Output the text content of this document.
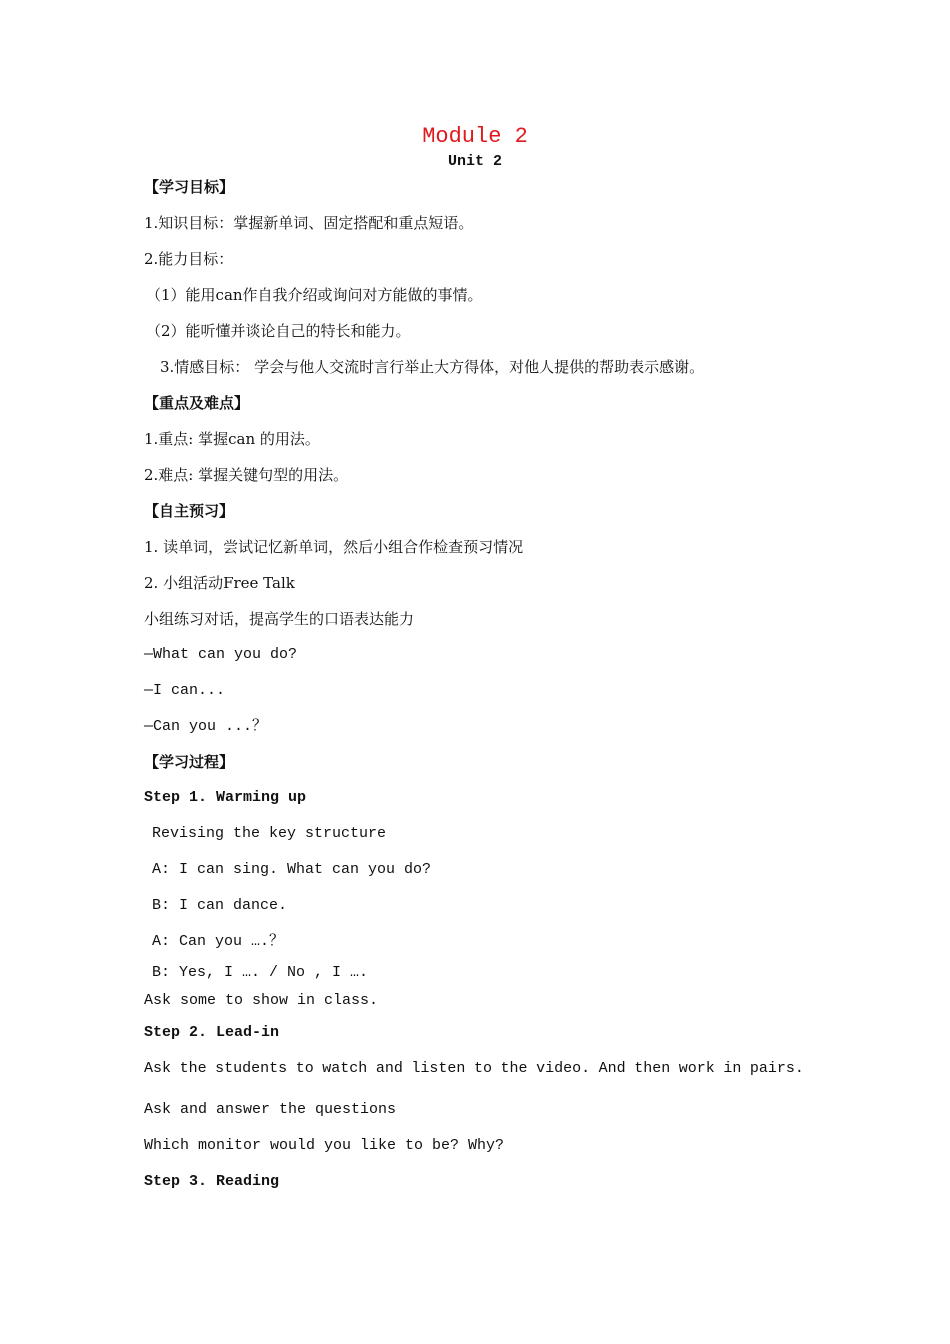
Module 2
Unit 2

【学习目标】

1.知识目标：掌握新单词、固定搭配和重点短语。

2.能力目标：

（1）能用can作自我介绍或询问对方能做的事情。

（2）能听懂并谈论自己的特长和能力。

3.情感目标： 学会与他人交流时言行举止大方得体，对他人提供的帮助表示感谢。

【重点及难点】

1.重点: 掌握can 的用法。

2.难点: 掌握关键句型的用法。

【自主预习】

1. 读单词，尝试记忆新单词，然后小组合作检查预习情况

2. 小组活动Free Talk

小组练习对话，提高学生的口语表达能力

—What can you do?

—I can...

—Can you ...？

【学习过程】

Step 1. Warming up

Revising the key structure

A: I can sing. What can you do?

B: I can dance.

A: Can you ….？

B: Yes, I …. / No , I ….

Ask some to show in class.

Step 2. Lead-in

Ask the students to watch and listen to the video. And then work in pairs.

Ask and answer the questions

Which monitor would you like to be? Why?

Step 3. Reading
